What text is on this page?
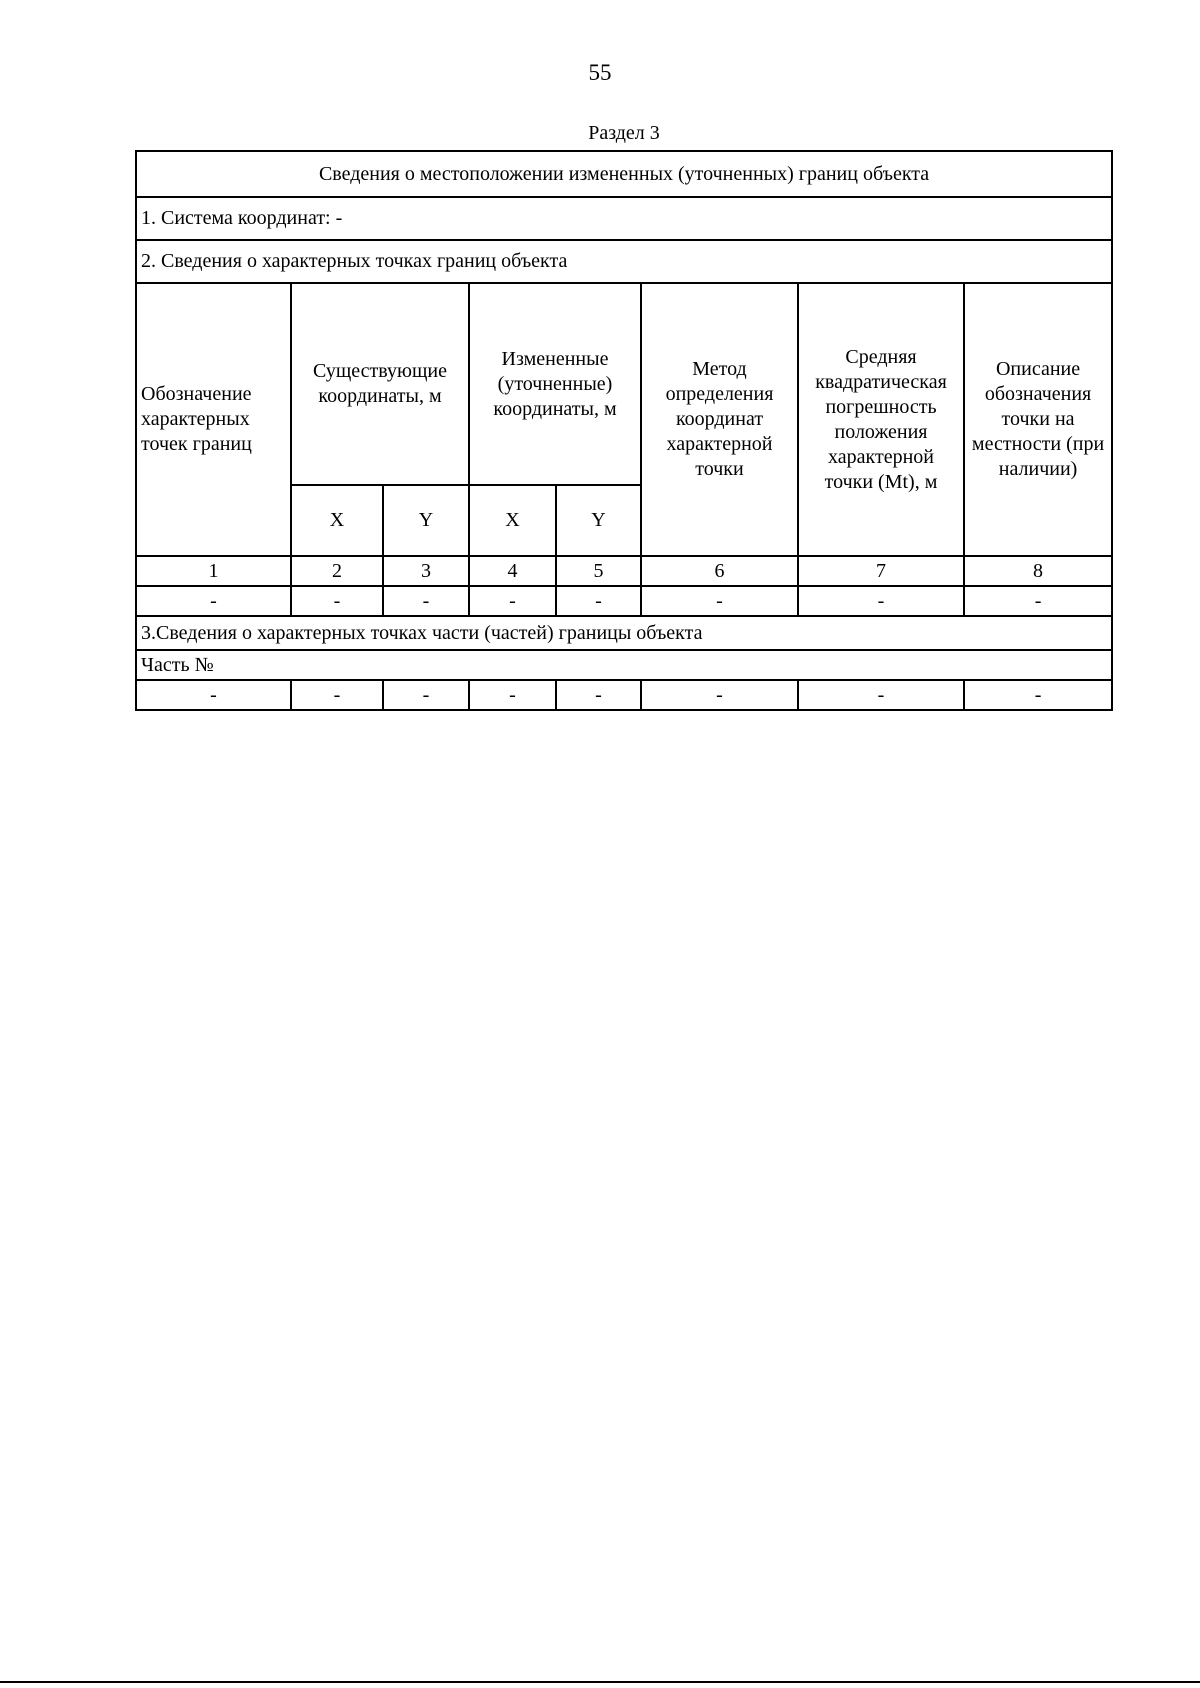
55
Раздел 3
Сведения о местоположении измененных (уточненных) границ объекта							
1. Система координат: -							
2. Сведения о характерных точках границ объекта							
Обозначение характерных точек границ	Существующие координаты, м		Измененные (уточненные) координаты, м		Метод определения координат характерной точки	Средняя квадратическая погрешность положения характерной точки (Mt), м	Описание обозначения точки на местности (при наличии)
	X	Y	X	Y			
1	2	3	4	5	6	7	8
-	-	-	-	-	-	-	-
3.Сведения о характерных точках части (частей) границы объекта							
Часть №							
-	-	-	-	-	-	-	-
